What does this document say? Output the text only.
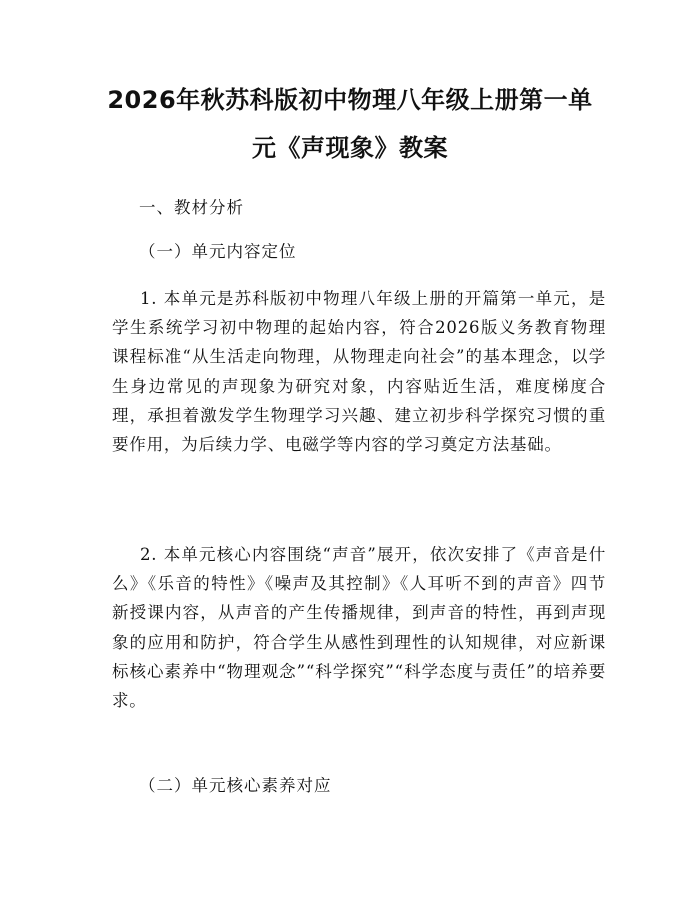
2026年秋苏科版初中物理八年级上册第一单
元《声现象》教案

一、教材分析

（一）单元内容定位

1. 本单元是苏科版初中物理八年级上册的开篇第一单元，是学生系统学习初中物理的起始内容，符合2026版义务教育物理课程标准“从生活走向物理，从物理走向社会”的基本理念，以学生身边常见的声现象为研究对象，内容贴近生活，难度梯度合理，承担着激发学生物理学习兴趣、建立初步科学探究习惯的重要作用，为后续力学、电磁学等内容的学习奠定方法基础。

2. 本单元核心内容围绕“声音”展开，依次安排了《声音是什么》《乐音的特性》《噪声及其控制》《人耳听不到的声音》四节新授课内容，从声音的产生传播规律，到声音的特性，再到声现象的应用和防护，符合学生从感性到理性的认知规律，对应新课标核心素养中“物理观念”“科学探究”“科学态度与责任”的培养要求。

（二）单元核心素养对应
